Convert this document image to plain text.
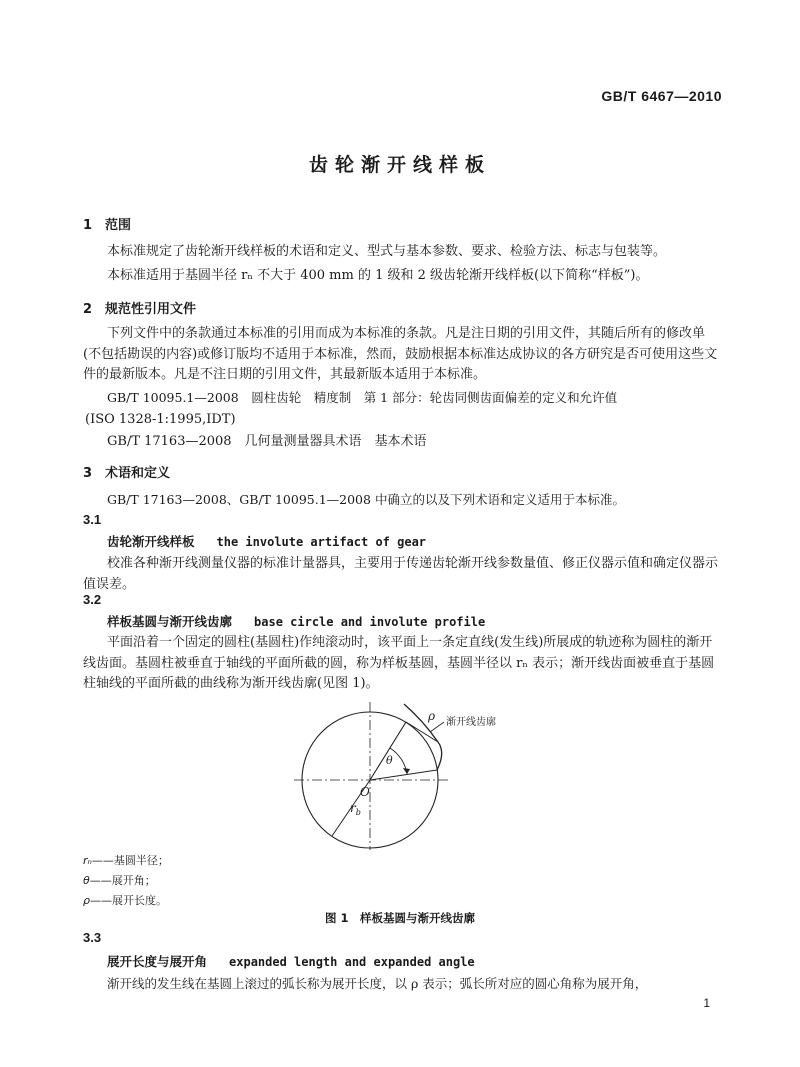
GB/T 6467—2010
齿轮渐开线样板
1 范围
本标准规定了齿轮渐开线样板的术语和定义、型式与基本参数、要求、检验方法、标志与包装等。
本标准适用于基圆半径 rₙ 不大于 400 mm 的 1 级和 2 级齿轮渐开线样板(以下简称“样板”)。
2 规范性引用文件
下列文件中的条款通过本标准的引用而成为本标准的条款。凡是注日期的引用文件，其随后所有的修改单(不包括勘误的内容)或修订版均不适用于本标准，然而，鼓励根据本标准达成协议的各方研究是否可使用这些文件的最新版本。凡是不注日期的引用文件，其最新版本适用于本标准。
GB/T 10095.1—2008　圆柱齿轮　精度制　第 1 部分：轮齿同侧齿面偏差的定义和允许值
(ISO 1328-1:1995,IDT)
GB/T 17163—2008　几何量测量器具术语　基本术语
3 术语和定义
GB/T 17163—2008、GB/T 10095.1—2008 中确立的以及下列术语和定义适用于本标准。
3.1
齿轮渐开线样板 the involute artifact of gear
校准各种渐开线测量仪器的标准计量器具，主要用于传递齿轮渐开线参数量值、修正仪器示值和确定仪器示值误差。
3.2
样板基圆与渐开线齿廓 base circle and involute profile
平面沿着一个固定的圆柱(基圆柱)作纯滚动时，该平面上一条定直线(发生线)所展成的轨迹称为圆柱的渐开线齿面。基圆柱被垂直于轴线的平面所截的圆，称为样板基圆，基圆半径以 rₙ 表示；渐开线齿面被垂直于基圆柱轴线的平面所截的曲线称为渐开线齿廓(见图 1)。
渐开线齿廓
ρ
θ
$r_b$
O
rₙ——基圆半径；
θ——展开角；
ρ——展开长度。
图 1　样板基圆与渐开线齿廓
3.3
展开长度与展开角 expanded length and expanded angle
渐开线的发生线在基圆上滚过的弧长称为展开长度，以 ρ 表示；弧长所对应的圆心角称为展开角，
1
